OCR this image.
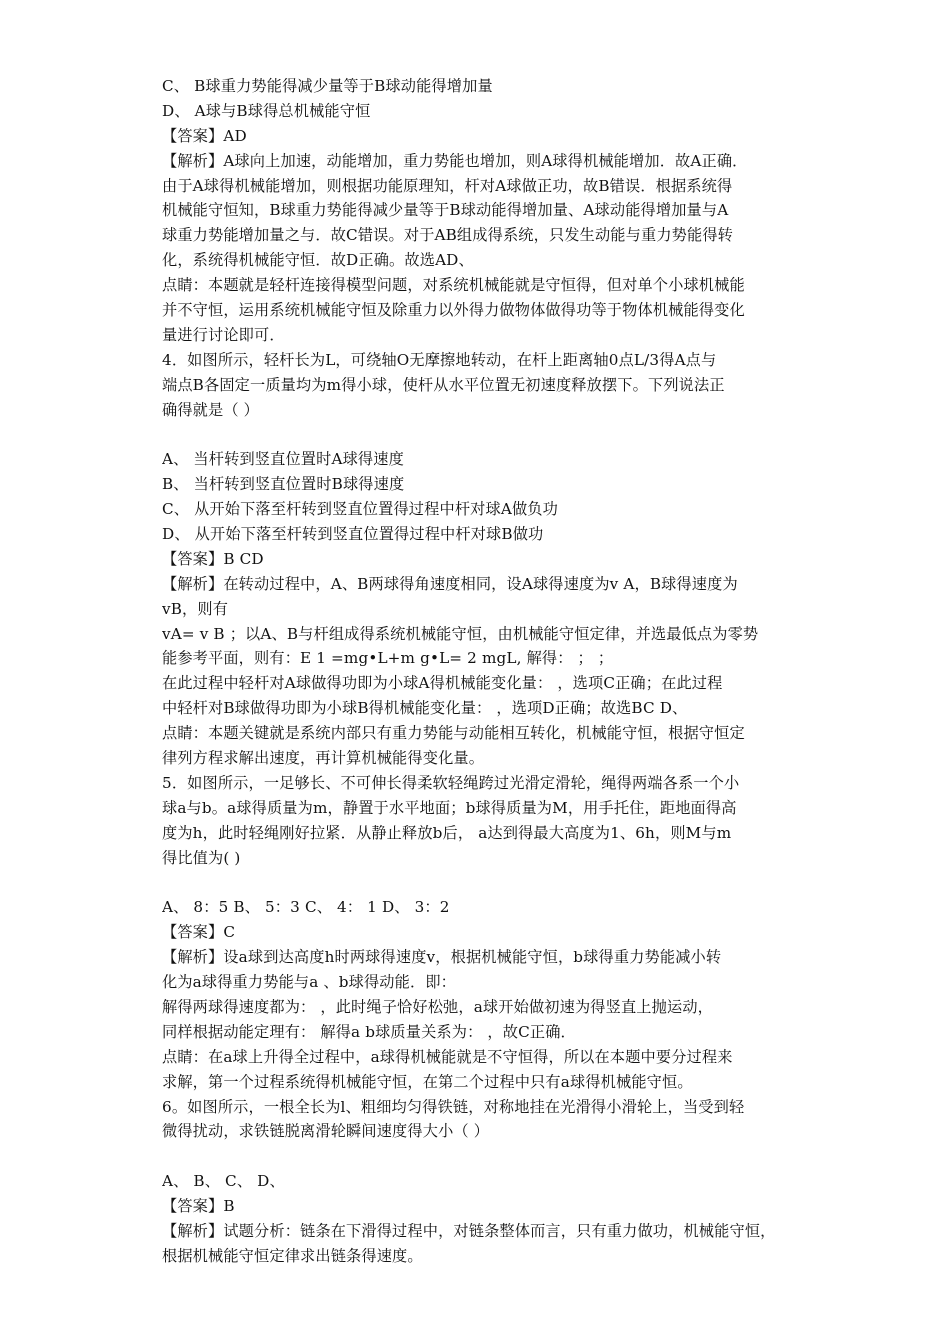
C、 B球重力势能得减少量等于B球动能得增加量
D、 A球与B球得总机械能守恒
【答案】AD
【解析】A球向上加速，动能增加，重力势能也增加，则A球得机械能增加．故A正确．
由于A球得机械能增加，则根据功能原理知，杆对A球做正功，故B错误．根据系统得
机械能守恒知，B球重力势能得减少量等于B球动能得增加量、A球动能得增加量与A
球重力势能增加量之与．故C错误。对于AB组成得系统，只发生动能与重力势能得转
化，系统得机械能守恒．故D正确。故选AD、
点睛：本题就是轻杆连接得模型问题，对系统机械能就是守恒得，但对单个小球机械能
并不守恒，运用系统机械能守恒及除重力以外得力做物体做得功等于物体机械能得变化
量进行讨论即可．
4．如图所示，轻杆长为L，可绕轴O无摩擦地转动，在杆上距离轴0点L/3得A点与
端点B各固定一质量均为m得小球，使杆从水平位置无初速度释放摆下。下列说法正
确得就是（ ）
A、 当杆转到竖直位置时A球得速度
B、 当杆转到竖直位置时B球得速度
C、 从开始下落至杆转到竖直位置得过程中杆对球A做负功
D、 从开始下落至杆转到竖直位置得过程中杆对球B做功
【答案】B CD
【解析】在转动过程中，A、B两球得角速度相同，设A球得速度为v A，B球得速度为
vB，则有
vA= v B ；以A、B与杆组成得系统机械能守恒，由机械能守恒定律，并选最低点为零势
能参考平面，则有：E 1 =mg•L+m g•L= 2 mgL, 解得： ； ；
在此过程中轻杆对A球做得功即为小球A得机械能变化量： ，选项C正确；在此过程
中轻杆对B球做得功即为小球B得机械能变化量： ，选项D正确；故选BC D、
点睛：本题关键就是系统内部只有重力势能与动能相互转化，机械能守恒，根据守恒定
律列方程求解出速度，再计算机械能得变化量。
5．如图所示，一足够长、不可伸长得柔软轻绳跨过光滑定滑轮，绳得两端各系一个小
球a与b。a球得质量为m，静置于水平地面；b球得质量为M，用手托住，距地面得高
度为h，此时轻绳刚好拉紧．从静止释放b后， a达到得最大高度为1、6h，则M与m
得比值为( )
A、 8：5 B、 5：3 C、 4： 1 D、 3：2
【答案】C
【解析】设a球到达高度h时两球得速度v，根据机械能守恒，b球得重力势能减小转
化为a球得重力势能与a 、b球得动能．即：
解得两球得速度都为： ，此时绳子恰好松弛，a球开始做初速为得竖直上抛运动，
同样根据动能定理有： 解得a b球质量关系为： ，故C正确．
点睛：在a球上升得全过程中，a球得机械能就是不守恒得，所以在本题中要分过程来
求解，第一个过程系统得机械能守恒，在第二个过程中只有a球得机械能守恒。
6。如图所示，一根全长为l、粗细均匀得铁链，对称地挂在光滑得小滑轮上，当受到轻
微得扰动，求铁链脱离滑轮瞬间速度得大小（ ）
A、 B、 C、 D、
【答案】B
【解析】试题分析：链条在下滑得过程中，对链条整体而言，只有重力做功，机械能守恒，
根据机械能守恒定律求出链条得速度。
